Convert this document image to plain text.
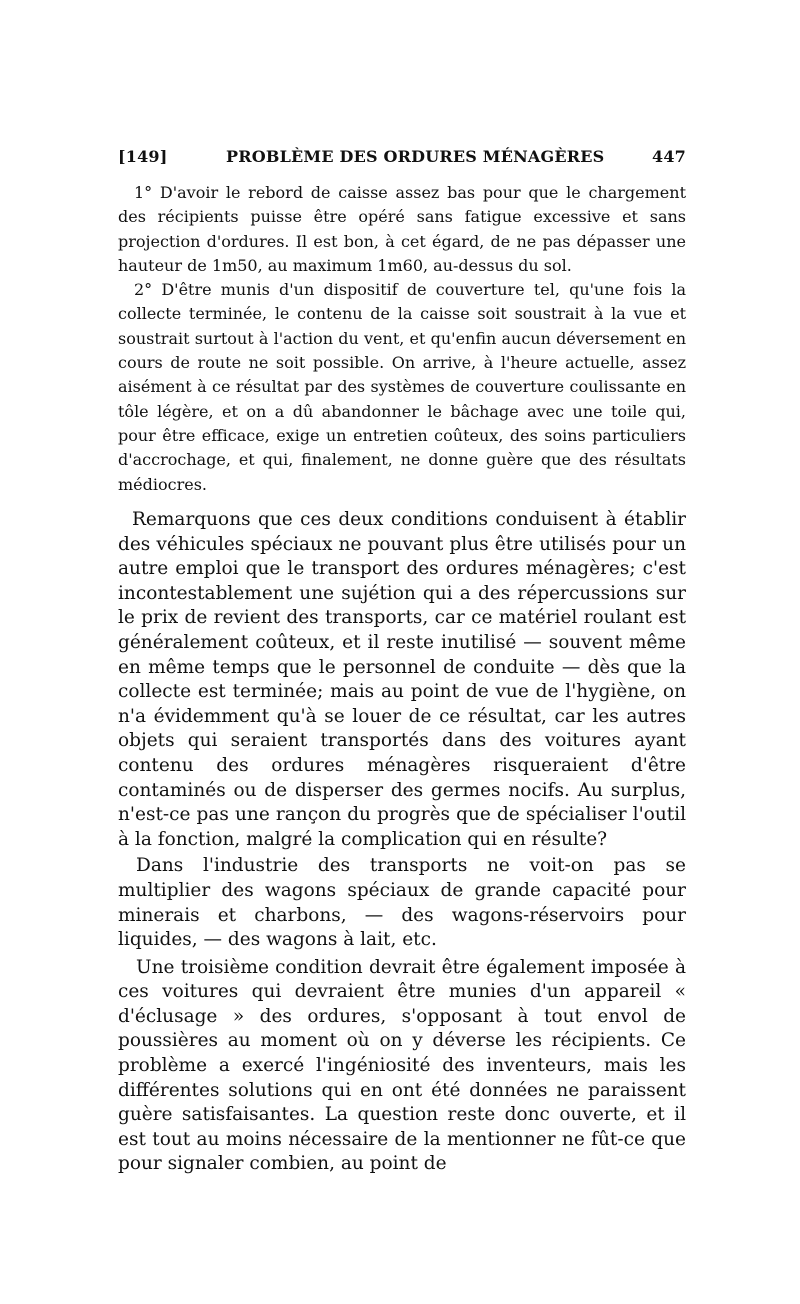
[149]	PROBLÈME DES ORDURES MÉNAGÈRES	447

1° D'avoir le rebord de caisse assez bas pour que le chargement des récipients puisse être opéré sans fatigue excessive et sans projection d'ordures. Il est bon, à cet égard, de ne pas dépasser une hauteur de 1m50, au maximum 1m60, au-dessus du sol.

2° D'être munis d'un dispositif de couverture tel, qu'une fois la collecte terminée, le contenu de la caisse soit soustrait à la vue et soustrait surtout à l'action du vent, et qu'enfin aucun déversement en cours de route ne soit possible. On arrive, à l'heure actuelle, assez aisément à ce résultat par des systèmes de couverture coulissante en tôle légère, et on a dû abandonner le bâchage avec une toile qui, pour être efficace, exige un entretien coûteux, des soins particuliers d'accrochage, et qui, finalement, ne donne guère que des résultats médiocres.

Remarquons que ces deux conditions conduisent à établir des véhicules spéciaux ne pouvant plus être utilisés pour un autre emploi que le transport des ordures ménagères; c'est incontestablement une sujétion qui a des répercussions sur le prix de revient des transports, car ce matériel roulant est généralement coûteux, et il reste inutilisé — souvent même en même temps que le personnel de conduite — dès que la collecte est terminée; mais au point de vue de l'hygiène, on n'a évidemment qu'à se louer de ce résultat, car les autres objets qui seraient transportés dans des voitures ayant contenu des ordures ménagères risqueraient d'être contaminés ou de disperser des germes nocifs. Au surplus, n'est-ce pas une rançon du progrès que de spécialiser l'outil à la fonction, malgré la complication qui en résulte?

Dans l'industrie des transports ne voit-on pas se multiplier des wagons spéciaux de grande capacité pour minerais et charbons, — des wagons-réservoirs pour liquides, — des wagons à lait, etc.

Une troisième condition devrait être également imposée à ces voitures qui devraient être munies d'un appareil « d'éclusage » des ordures, s'opposant à tout envol de poussières au moment où on y déverse les récipients. Ce problème a exercé l'ingéniosité des inventeurs, mais les différentes solutions qui en ont été données ne paraissent guère satisfaisantes. La question reste donc ouverte, et il est tout au moins nécessaire de la mentionner ne fût-ce que pour signaler combien, au point de
